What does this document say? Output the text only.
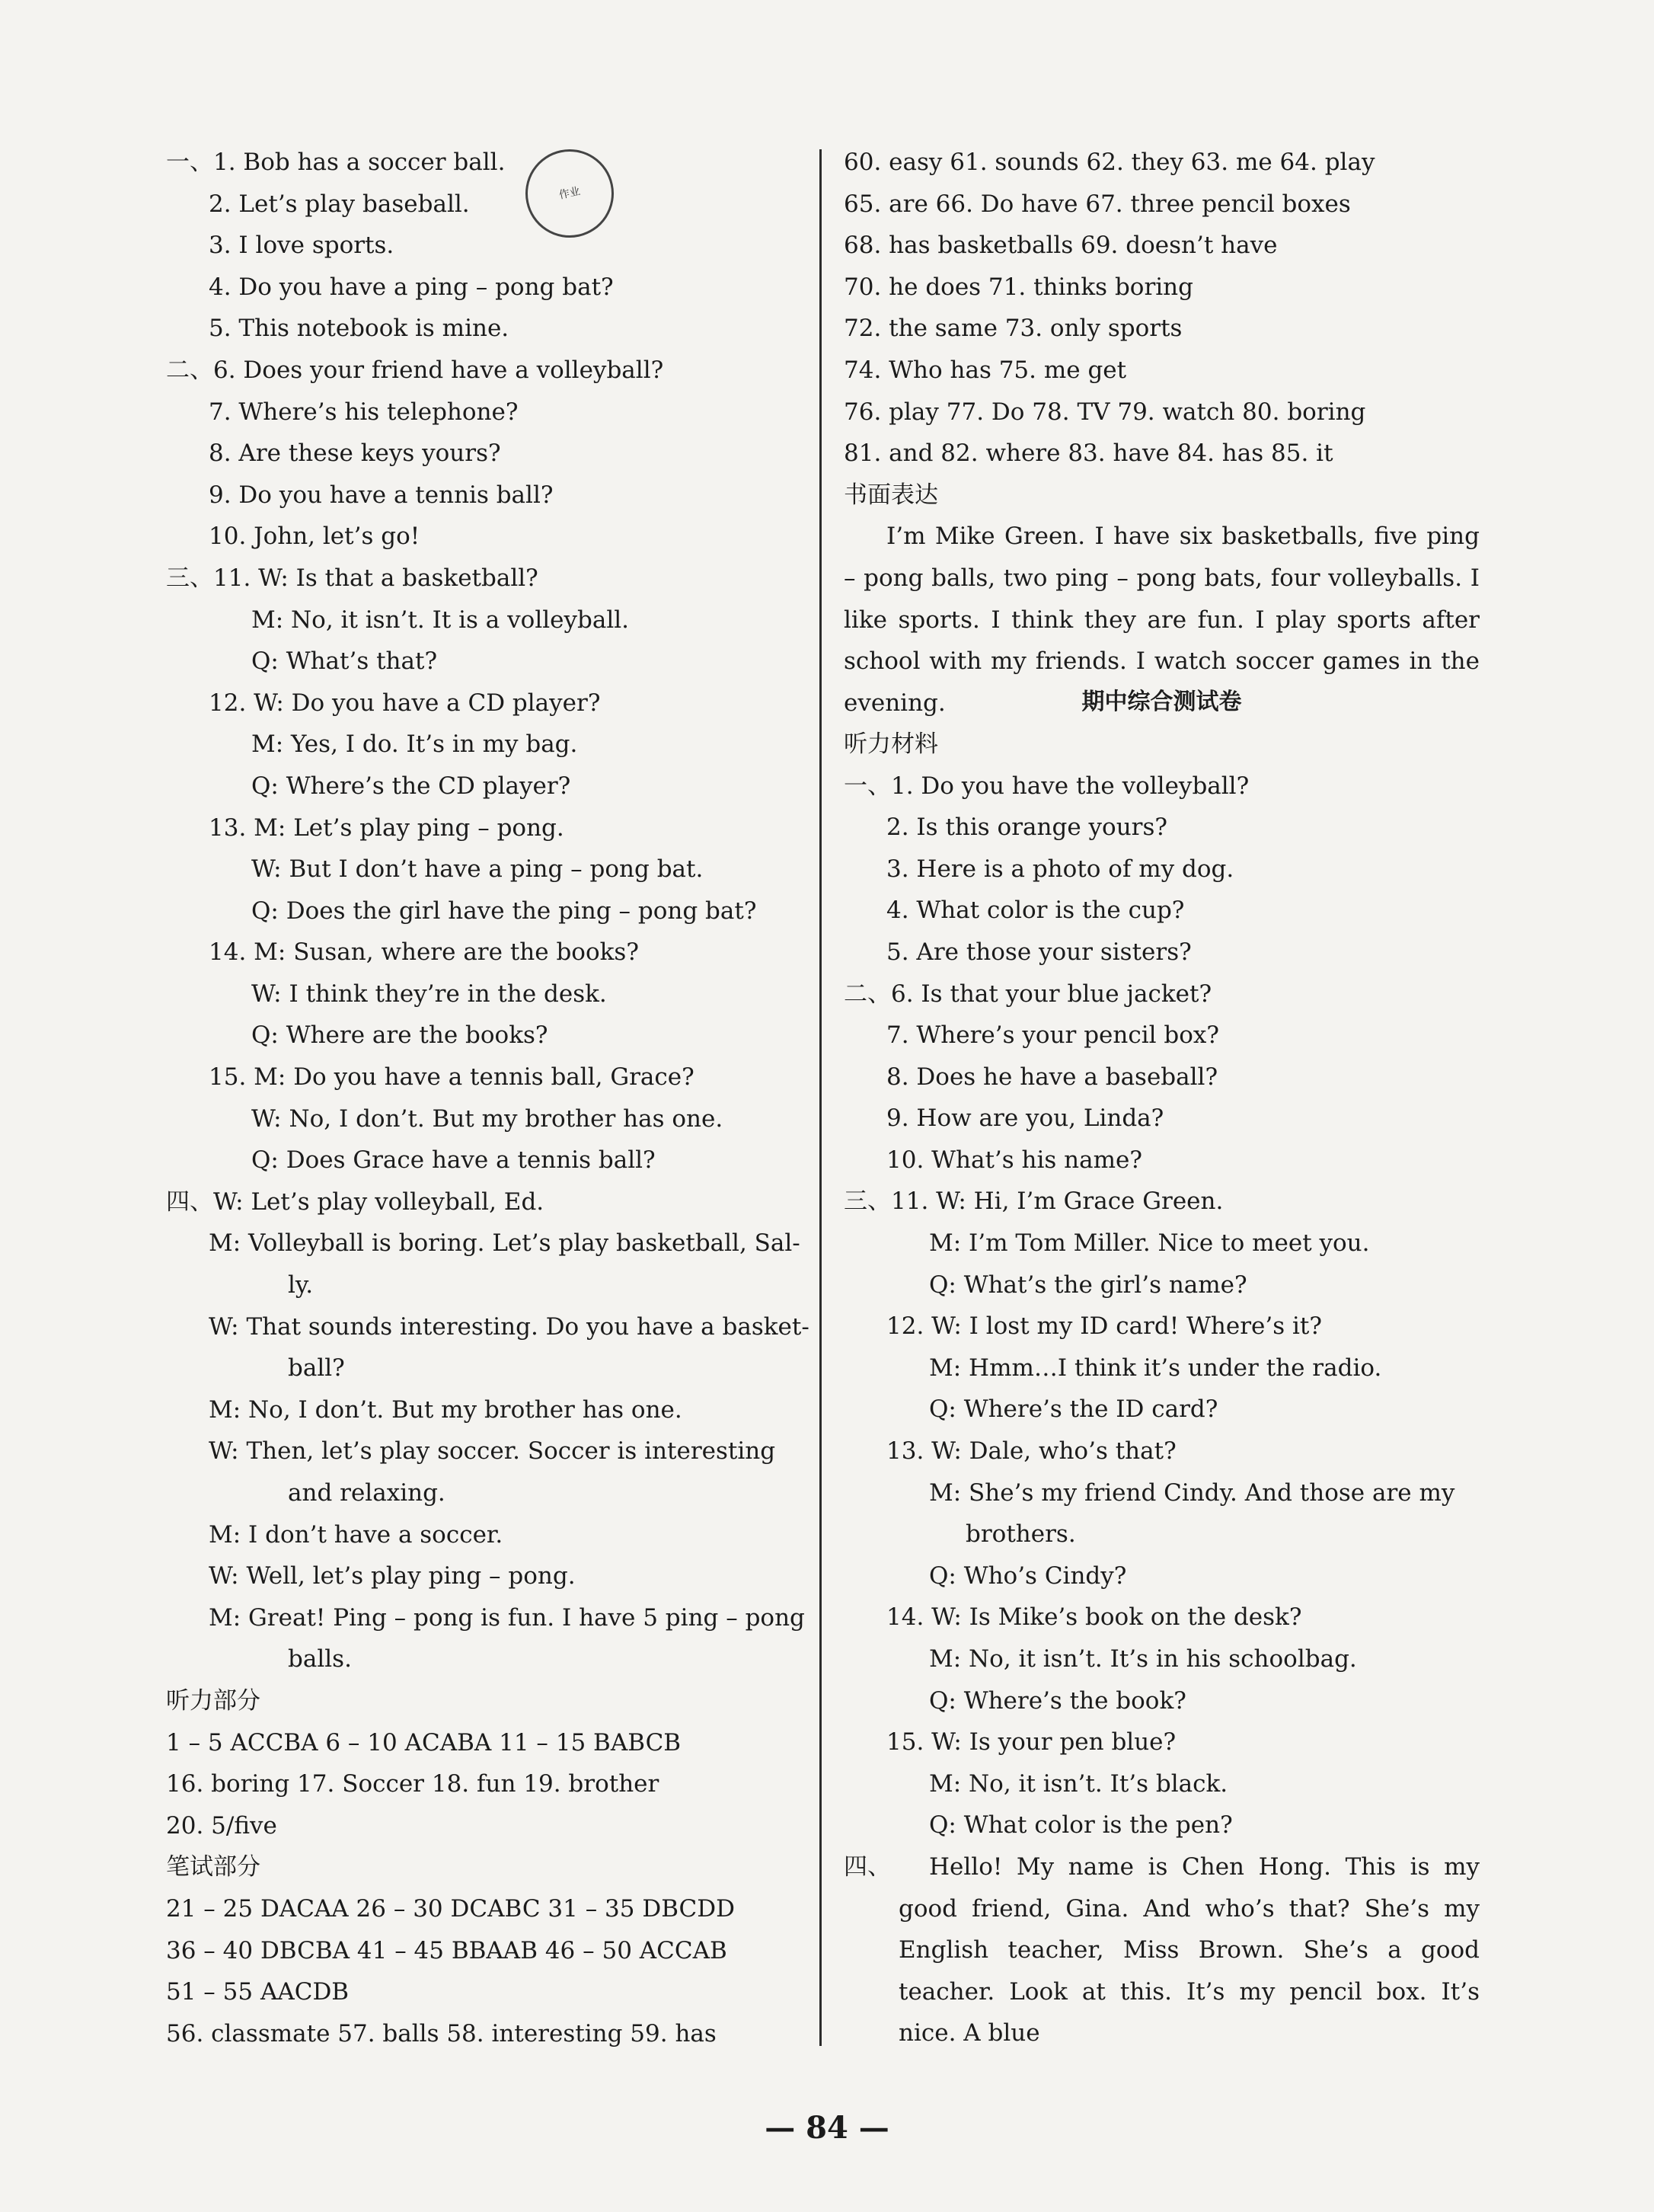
作业
一、1. Bob has a soccer ball.
2. Let’s play baseball.
3. I love sports.
4. Do you have a ping – pong bat?
5. This notebook is mine.
二、6. Does your friend have a volleyball?
7. Where’s his telephone?
8. Are these keys yours?
9. Do you have a tennis ball?
10. John, let’s go!
三、11. W: Is that a basketball?
M: No, it isn’t. It is a volleyball.
Q: What’s that?
12. W: Do you have a CD player?
M: Yes, I do. It’s in my bag.
Q: Where’s the CD player?
13. M: Let’s play ping – pong.
W: But I don’t have a ping – pong bat.
Q: Does the girl have the ping – pong bat?
14. M: Susan, where are the books?
W: I think they’re in the desk.
Q: Where are the books?
15. M: Do you have a tennis ball, Grace?
W: No, I don’t. But my brother has one.
Q: Does Grace have a tennis ball?
四、W: Let’s play volleyball, Ed.
M: Volleyball is boring. Let’s play basketball, Sal-
ly.
W: That sounds interesting. Do you have a basket-
ball?
M: No, I don’t. But my brother has one.
W: Then, let’s play soccer. Soccer is interesting
and relaxing.
M: I don’t have a soccer.
W: Well, let’s play ping – pong.
M: Great! Ping – pong is fun. I have 5 ping – pong
balls.
听力部分
1 – 5 ACCBA 6 – 10 ACABA 11 – 15 BABCB
16. boring 17. Soccer 18. fun 19. brother
20. 5/five
笔试部分
21 – 25 DACAA 26 – 30 DCABC 31 – 35 DBCDD
36 – 40 DBCBA 41 – 45 BBAAB 46 – 50 ACCAB
51 – 55 AACDB
56. classmate 57. balls 58. interesting 59. has
60. easy 61. sounds 62. they 63. me 64. play
65. are 66. Do have 67. three pencil boxes
68. has basketballs 69. doesn’t have
70. he does 71. thinks boring
72. the same 73. only sports
74. Who has 75. me get
76. play 77. Do 78. TV 79. watch 80. boring
81. and 82. where 83. have 84. has 85. it
书面表达
I’m Mike Green. I have six basketballs, five ping – pong balls, two ping – pong bats, four volleyballs. I like sports. I think they are fun. I play sports after school with my friends. I watch soccer games in the evening.	期中综合测试卷
听力材料
一、1. Do you have the volleyball?
2. Is this orange yours?
3. Here is a photo of my dog.
4. What color is the cup?
5. Are those your sisters?
二、6. Is that your blue jacket?
7. Where’s your pencil box?
8. Does he have a baseball?
9. How are you, Linda?
10. What’s his name?
三、11. W: Hi, I’m Grace Green.
M: I’m Tom Miller. Nice to meet you.
Q: What’s the girl’s name?
12. W: I lost my ID card! Where’s it?
M: Hmm…I think it’s under the radio.
Q: Where’s the ID card?
13. W: Dale, who’s that?
M: She’s my friend Cindy. And those are my
brothers.
Q: Who’s Cindy?
14. W: Is Mike’s book on the desk?
M: No, it isn’t. It’s in his schoolbag.
Q: Where’s the book?
15. W: Is your pen blue?
M: No, it isn’t. It’s black.
Q: What color is the pen?
四、	Hello! My name is Chen Hong. This is my good friend, Gina. And who’s that? She’s my English teacher, Miss Brown. She’s a good teacher. Look at this. It’s my pencil box. It’s nice. A blue
— 84 —
